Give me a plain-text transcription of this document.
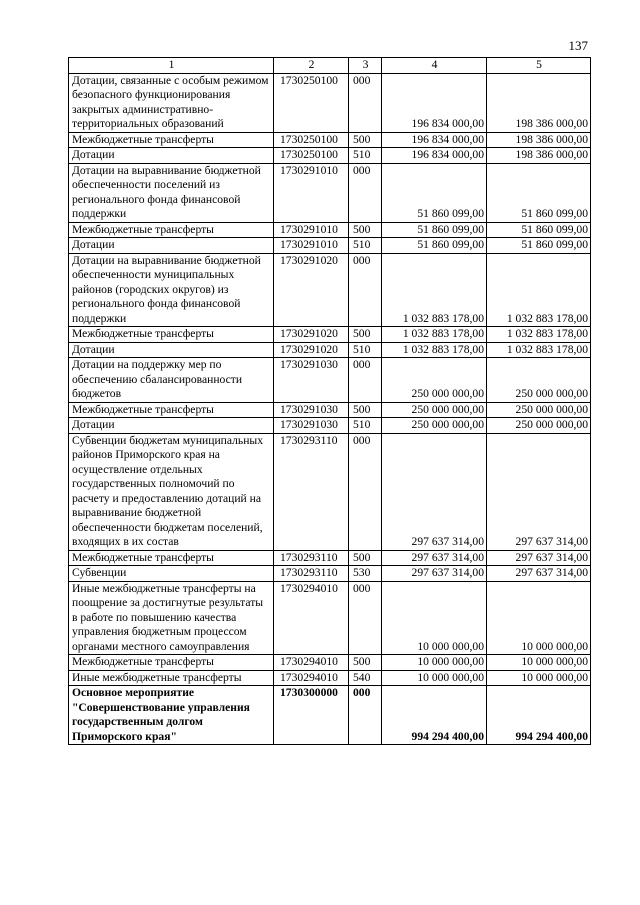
137
1	2	3	4	5
Дотации, связанные с особым режимом безопасного функционирования закрытых административно-территориальных образований	1730250100	000	196 834 000,00	198 386 000,00
Межбюджетные трансферты	1730250100	500	196 834 000,00	198 386 000,00
Дотации	1730250100	510	196 834 000,00	198 386 000,00
Дотации на выравнивание бюджетной обеспеченности поселений из регионального фонда финансовой поддержки	1730291010	000	51 860 099,00	51 860 099,00
Межбюджетные трансферты	1730291010	500	51 860 099,00	51 860 099,00
Дотации	1730291010	510	51 860 099,00	51 860 099,00
Дотации на выравнивание бюджетной обеспеченности муниципальных районов (городских округов) из регионального фонда финансовой поддержки	1730291020	000	1 032 883 178,00	1 032 883 178,00
Межбюджетные трансферты	1730291020	500	1 032 883 178,00	1 032 883 178,00
Дотации	1730291020	510	1 032 883 178,00	1 032 883 178,00
Дотации на поддержку мер по обеспечению сбалансированности бюджетов	1730291030	000	250 000 000,00	250 000 000,00
Межбюджетные трансферты	1730291030	500	250 000 000,00	250 000 000,00
Дотации	1730291030	510	250 000 000,00	250 000 000,00
Субвенции бюджетам муниципальных районов Приморского края на осуществление отдельных государственных полномочий по расчету и предоставлению дотаций на выравнивание бюджетной обеспеченности бюджетам поселений, входящих в их состав	1730293110	000	297 637 314,00	297 637 314,00
Межбюджетные трансферты	1730293110	500	297 637 314,00	297 637 314,00
Субвенции	1730293110	530	297 637 314,00	297 637 314,00
Иные межбюджетные трансферты на поощрение за достигнутые результаты в работе по повышению качества управления бюджетным процессом органами местного самоуправления	1730294010	000	10 000 000,00	10 000 000,00
Межбюджетные трансферты	1730294010	500	10 000 000,00	10 000 000,00
Иные межбюджетные трансферты	1730294010	540	10 000 000,00	10 000 000,00
Основное мероприятие "Совершенствование управления государственным долгом Приморского края"	1730300000	000	994 294 400,00	994 294 400,00
